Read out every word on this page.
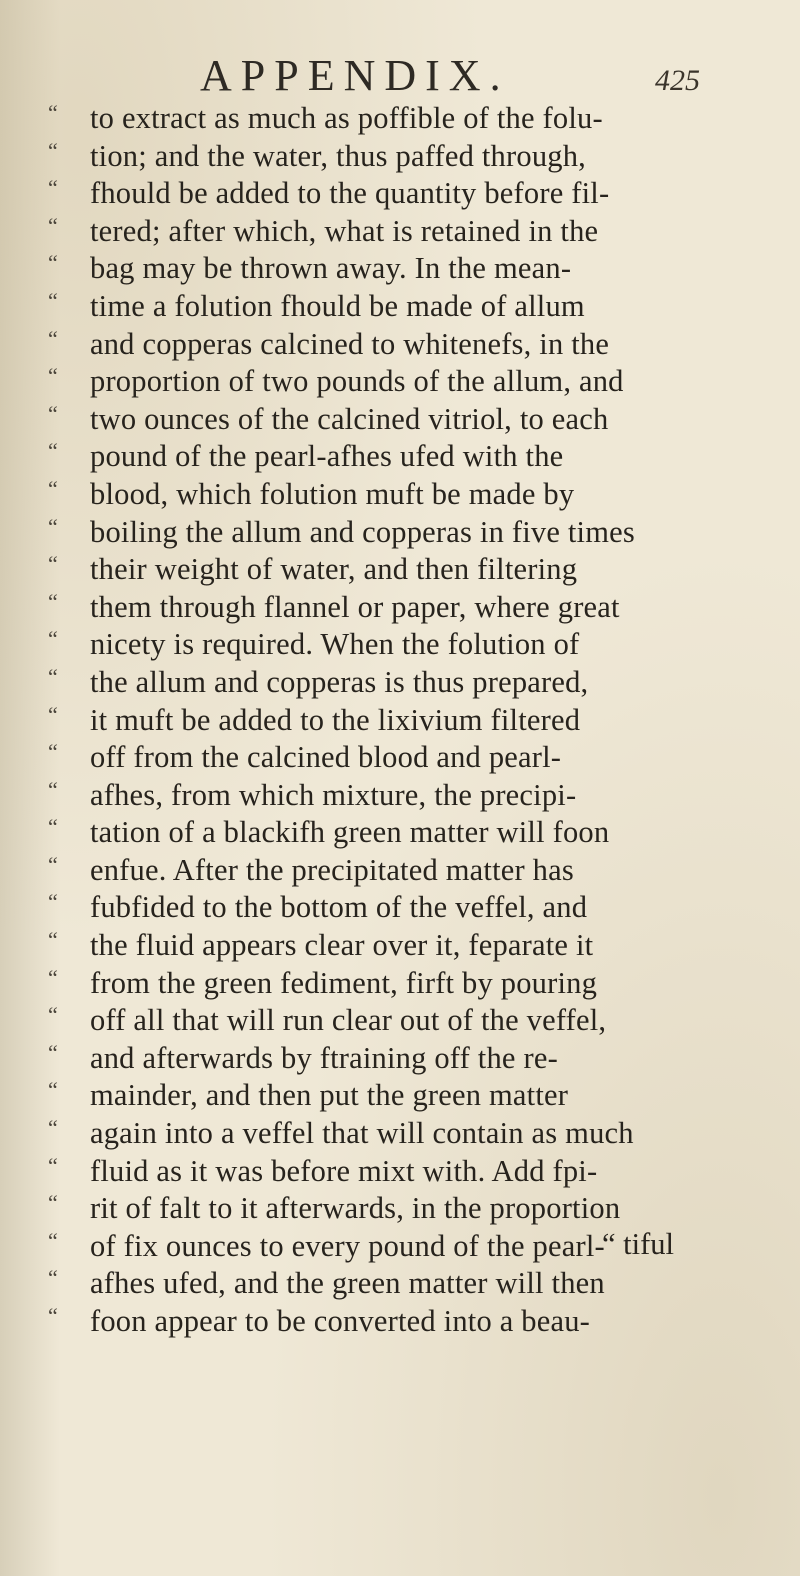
APPENDIX.	425
“	to extract as much as poffible of the folu-
“	tion; and the water, thus paffed through,
“	fhould be added to the quantity before fil-
“	tered; after which, what is retained in the
“	bag may be thrown away. In the mean-
“	time a folution fhould be made of allum
“	and copperas calcined to whitenefs, in the
“	proportion of two pounds of the allum, and
“	two ounces of the calcined vitriol, to each
“	pound of the pearl-afhes ufed with the
“	blood, which folution muft be made by
“	boiling the allum and copperas in five times
“	their weight of water, and then filtering
“	them through flannel or paper, where great
“	nicety is required. When the folution of
“	the allum and copperas is thus prepared,
“	it muft be added to the lixivium filtered
“	off from the calcined blood and pearl-
“	afhes, from which mixture, the precipi-
“	tation of a blackifh green matter will foon
“	enfue. After the precipitated matter has
“	fubfided to the bottom of the veffel, and
“	the fluid appears clear over it, feparate it
“	from the green fediment, firft by pouring
“	off all that will run clear out of the veffel,
“	and afterwards by ftraining off the re-
“	mainder, and then put the green matter
“	again into a veffel that will contain as much
“	fluid as it was before mixt with. Add fpi-
“	rit of falt to it afterwards, in the proportion
“	of fix ounces to every pound of the pearl-
“	afhes ufed, and the green matter will then
“	foon appear to be converted into a beau-
“ tiful
